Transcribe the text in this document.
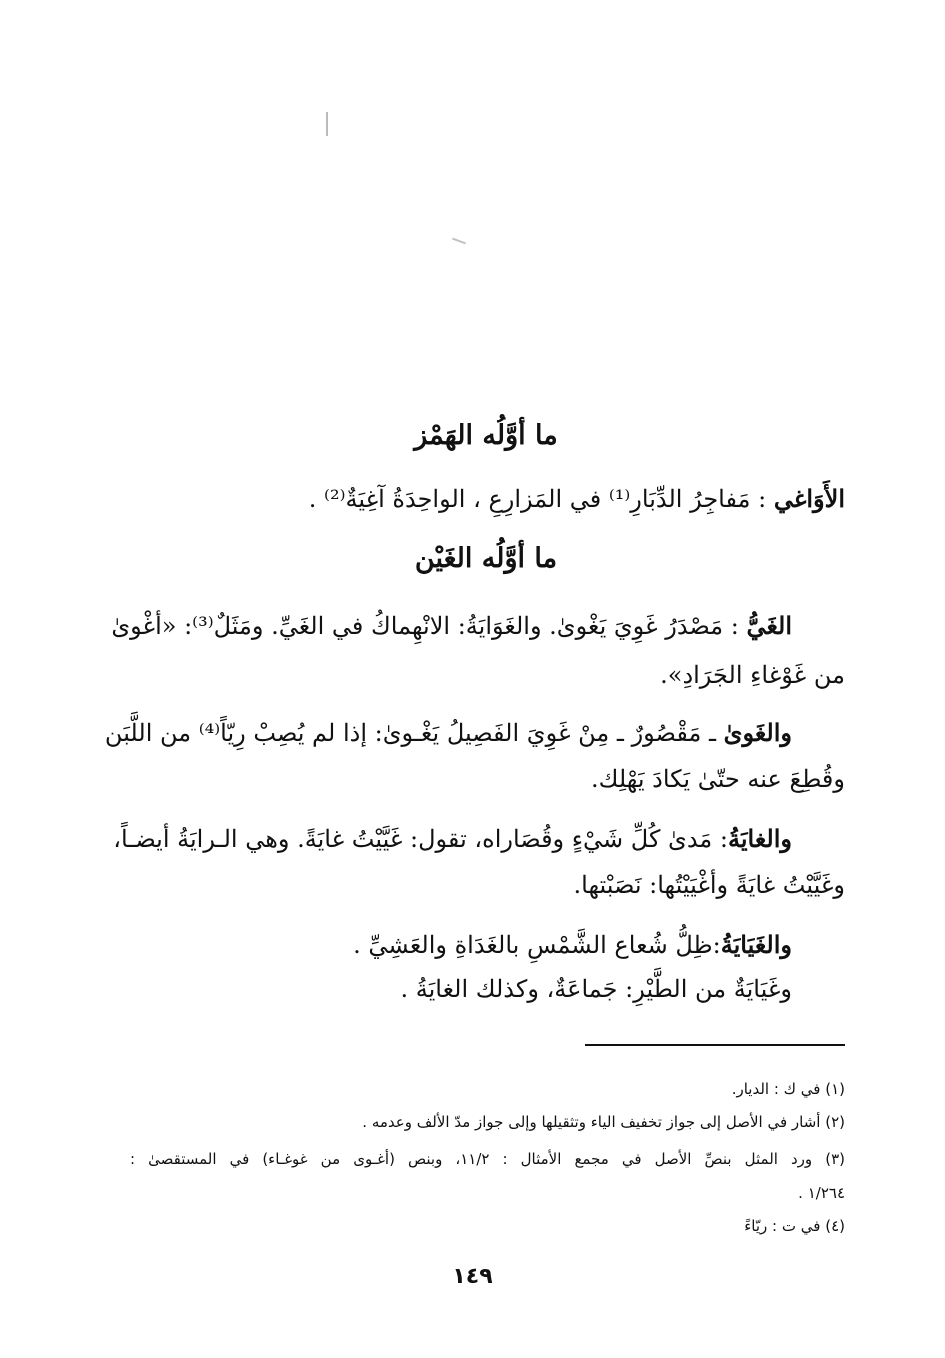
ما أوَّلُه الهَمْز
الأَوَاغي : مَفاجِرُ الدِّبَارِ⁽¹⁾ في المَزارِعِ ، الواحِدَةُ آغِيَةٌ⁽²⁾ .
ما أوَّلُه الغَيْن
الغَيُّ : مَصْدَرُ غَوِيَ يَغْوىٰ. والغَوَايَةُ: الانْهِماكُ في الغَيِّ. ومَثَلٌ⁽³⁾: «أغْوىٰ
من غَوْغاءِ الجَرَادِ».
والغَوىٰ ـ مَقْصُورٌ ـ مِنْ غَوِيَ الفَصِيلُ يَغْـوىٰ: إذا لم يُصِبْ رِيّاً⁽⁴⁾ من اللَّبَن
وقُطِعَ عنه حتّىٰ يَكادَ يَهْلِك.
والغايَةُ: مَدىٰ كُلِّ شَيْءٍ وقُصَاراه، تقول: غَيَّيْتُ غايَةً. وهي الـرايَةُ أيضـاً،
وغَيَّيْتُ غايَةً وأغْيَيْتُها: نَصَبْتها.
والغَيَايَةُ:ظِلُّ شُعاع الشَّمْسِ بالغَدَاةِ والعَشِيِّ .
وغَيَايَةٌ من الطَّيْرِ: جَماعَةٌ، وكذلك الغايَةُ .
(١) في ك : الديار.
(٢) أشار في الأصل إلى جواز تخفيف الياء وتثقيلها وإلى جواز مدّ الألف وعدمه .
(٣) ورد المثل بنصِّ الأصل في مجمع الأمثال : ١١/٢، وبنص (أغـوى من غوغـاء) في المستقصىٰ :
١/٢٦٤ .
(٤) في ت : ريّاءً
١٤٩
